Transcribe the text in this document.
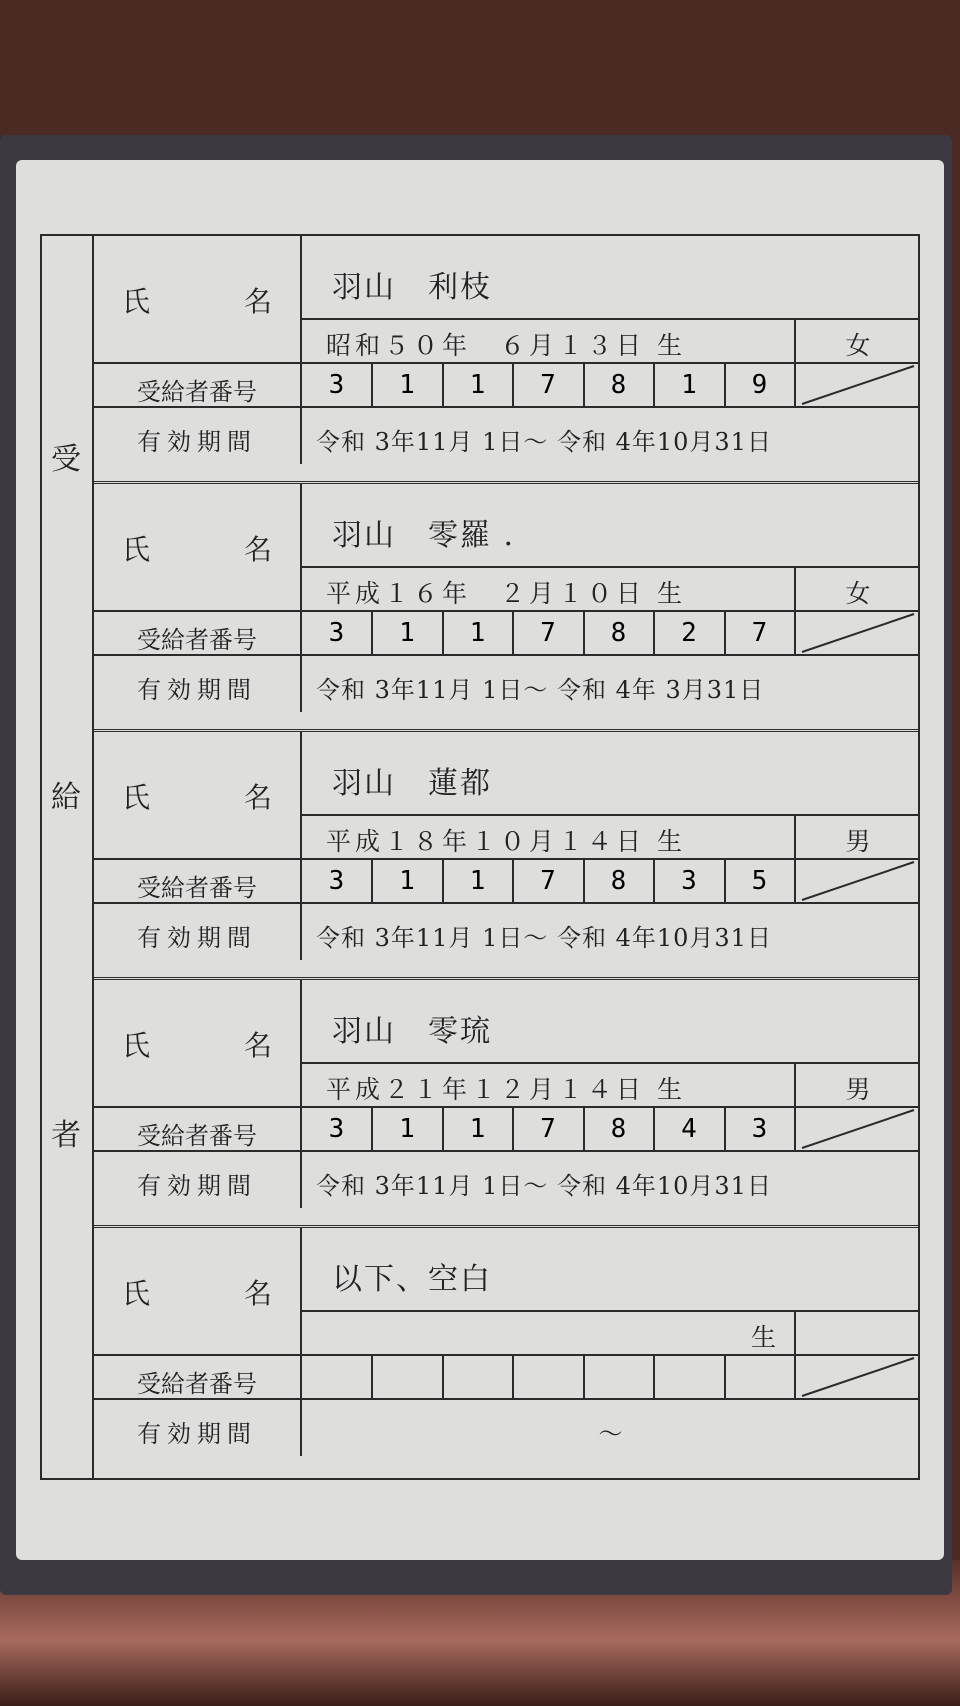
受
給
者
氏	名	羽山　利枝
昭和５０年　６月１３日 生	女
受給者番号	3	1	1	7	8	1	9
有効期間	令和 3年11月 1日～ 令和 4年10月31日
氏	名	羽山　零羅 .
平成１６年　２月１０日 生	女
受給者番号	3	1	1	7	8	2	7
有効期間	令和 3年11月 1日～ 令和 4年 3月31日
氏	名	羽山　蓮都
平成１８年１０月１４日 生	男
受給者番号	3	1	1	7	8	3	5
有効期間	令和 3年11月 1日～ 令和 4年10月31日
氏	名	羽山　零琉
平成２１年１２月１４日 生	男
受給者番号	3	1	1	7	8	4	3
有効期間	令和 3年11月 1日～ 令和 4年10月31日
氏	名	以下、空白
生
受給者番号
有効期間	～
